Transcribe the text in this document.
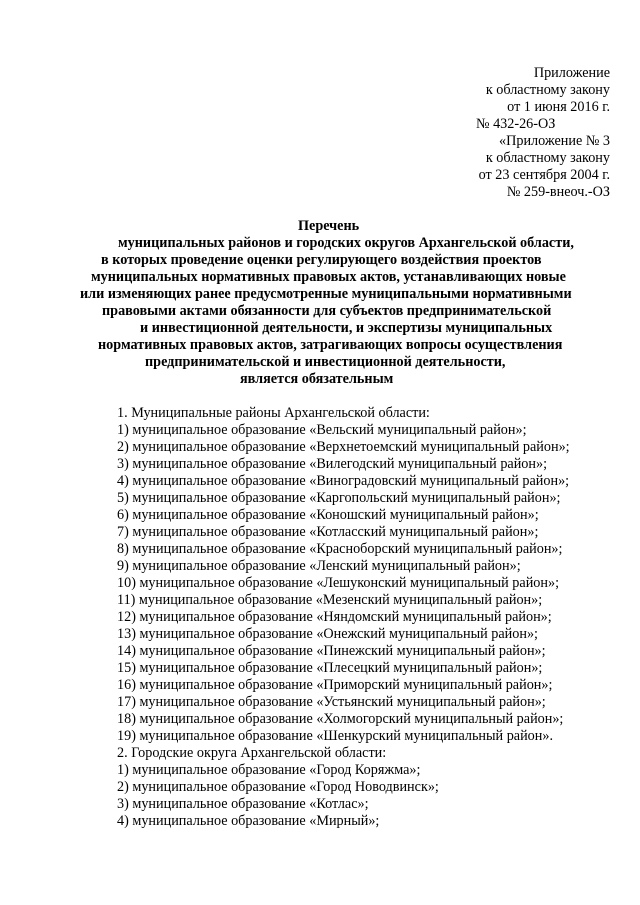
Приложение
к областному закону
от 1 июня 2016 г.
№ 432-26-ОЗ
«Приложение № 3
к областному закону
от 23 сентября 2004 г.
№ 259-внеоч.-ОЗ
Перечень
муниципальных районов и городских округов Архангельской области,
в которых проведение оценки регулирующего воздействия проектов
муниципальных нормативных правовых актов, устанавливающих новые
или изменяющих ранее предусмотренные муниципальными нормативными
правовыми актами обязанности для субъектов предпринимательской
и инвестиционной деятельности, и экспертизы муниципальных
нормативных правовых актов, затрагивающих вопросы осуществления
предпринимательской и инвестиционной деятельности,
является обязательным
1. Муниципальные районы Архангельской области:
1) муниципальное образование «Вельский муниципальный район»;
2) муниципальное образование «Верхнетоемский муниципальный район»;
3) муниципальное образование «Вилегодский муниципальный район»;
4) муниципальное образование «Виноградовский муниципальный район»;
5) муниципальное образование «Каргопольский муниципальный район»;
6) муниципальное образование «Коношский муниципальный район»;
7) муниципальное образование «Котласский муниципальный район»;
8) муниципальное образование «Красноборский муниципальный район»;
9) муниципальное образование «Ленский муниципальный район»;
10) муниципальное образование «Лешуконский муниципальный район»;
11) муниципальное образование «Мезенский муниципальный район»;
12) муниципальное образование «Няндомский муниципальный район»;
13) муниципальное образование «Онежский муниципальный район»;
14) муниципальное образование «Пинежский муниципальный район»;
15) муниципальное образование «Плесецкий муниципальный район»;
16) муниципальное образование «Приморский муниципальный район»;
17) муниципальное образование «Устьянский муниципальный район»;
18) муниципальное образование «Холмогорский муниципальный район»;
19) муниципальное образование «Шенкурский муниципальный район».
2. Городские округа Архангельской области:
1) муниципальное образование «Город Коряжма»;
2) муниципальное образование «Город Новодвинск»;
3) муниципальное образование «Котлас»;
4) муниципальное образование «Мирный»;
